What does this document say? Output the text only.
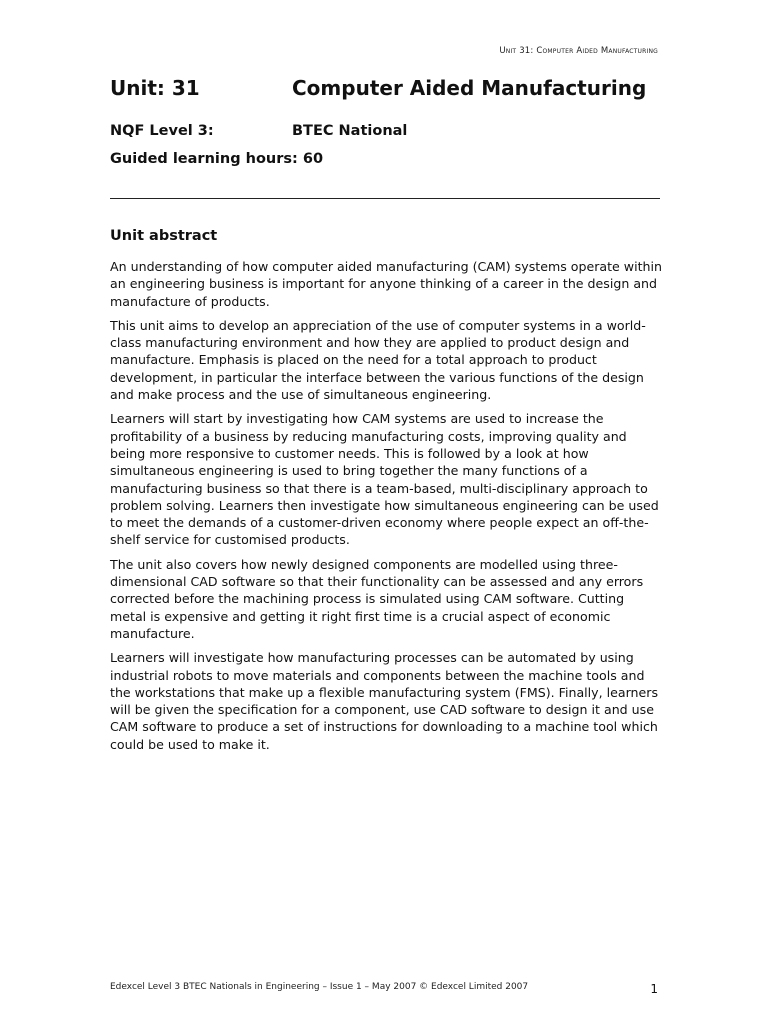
Unit 31: Computer Aided Manufacturing
Unit: 31	Computer Aided Manufacturing
NQF Level 3:	BTEC National
Guided learning hours: 60
Unit abstract

An understanding of how computer aided manufacturing (CAM) systems operate within an engineering business is important for anyone thinking of a career in the design and manufacture of products.

This unit aims to develop an appreciation of the use of computer systems in a world-class manufacturing environment and how they are applied to product design and manufacture. Emphasis is placed on the need for a total approach to product development, in particular the interface between the various functions of the design and make process and the use of simultaneous engineering.

Learners will start by investigating how CAM systems are used to increase the profitability of a business by reducing manufacturing costs, improving quality and being more responsive to customer needs. This is followed by a look at how simultaneous engineering is used to bring together the many functions of a manufacturing business so that there is a team-based, multi-disciplinary approach to problem solving. Learners then investigate how simultaneous engineering can be used to meet the demands of a customer-driven economy where people expect an off-the-shelf service for customised products.

The unit also covers how newly designed components are modelled using three-dimensional CAD software so that their functionality can be assessed and any errors corrected before the machining process is simulated using CAM software. Cutting metal is expensive and getting it right first time is a crucial aspect of economic manufacture.

Learners will investigate how manufacturing processes can be automated by using industrial robots to move materials and components between the machine tools and the workstations that make up a flexible manufacturing system (FMS). Finally, learners will be given the specification for a component, use CAD software to design it and use CAM software to produce a set of instructions for downloading to a machine tool which could be used to make it.

Edexcel Level 3 BTEC Nationals in Engineering – Issue 1 – May 2007 © Edexcel Limited 2007	1
